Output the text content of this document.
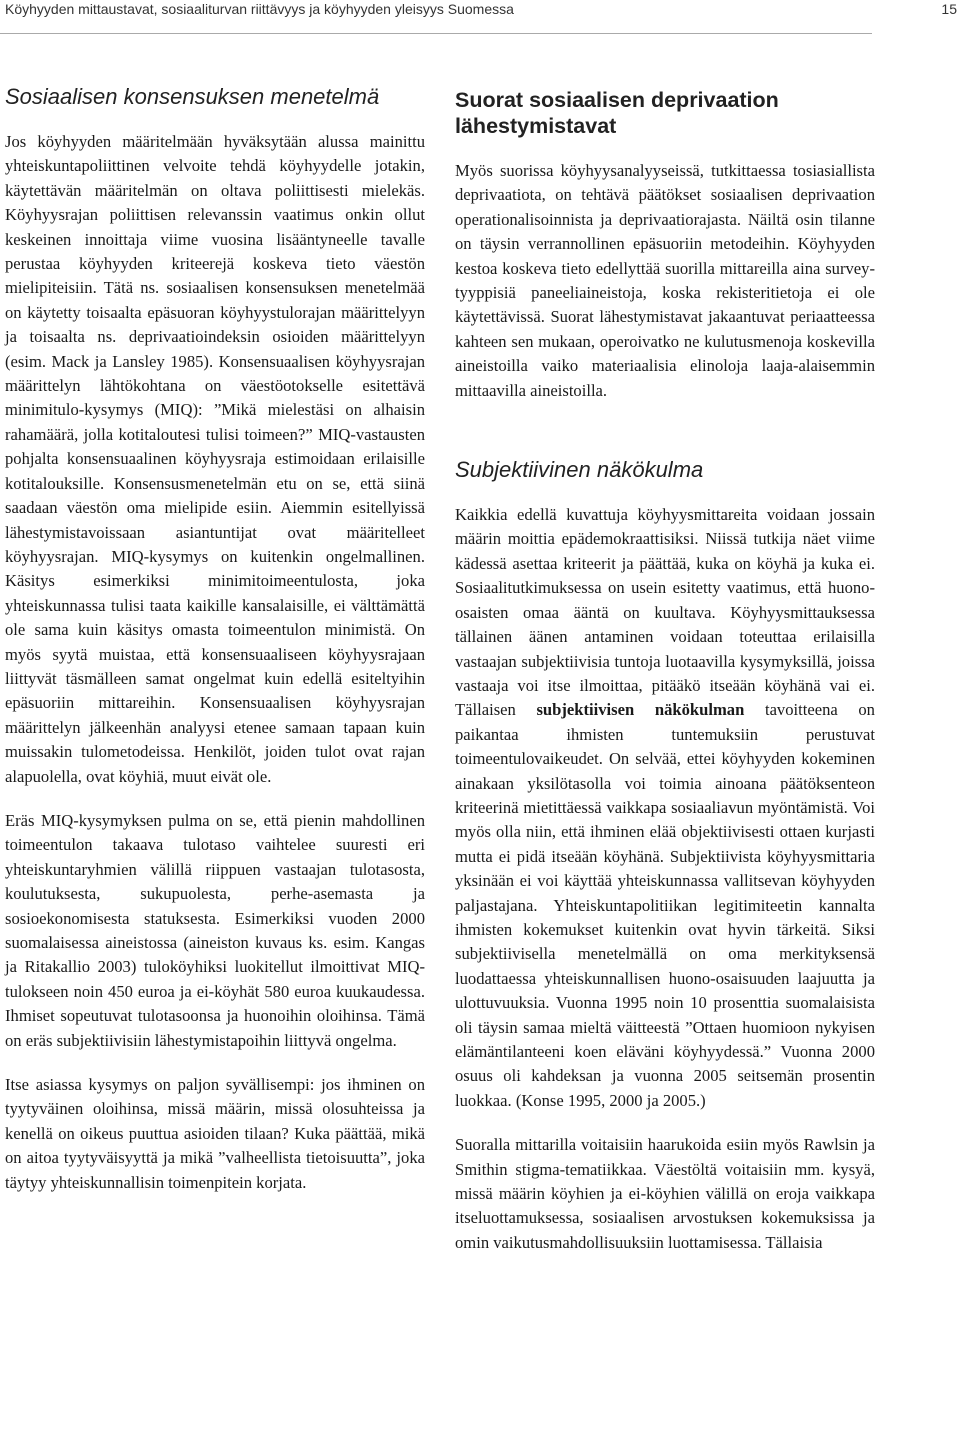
Köyhyyden mittaustavat, sosiaaliturvan riittävyys ja köyhyyden yleisyys Suomessa	15
Sosiaalisen konsensuksen menetelmä

Jos köyhyyden määritelmään hyväksytään alussa mainittu yhteiskuntapoliittinen velvoite tehdä köyhyydelle jotakin, käytettävän määritelmän on oltava poliittisesti mielekäs. Köyhyysrajan poliittisen relevanssin vaatimus onkin ollut keskeinen innoittaja viime vuosina lisääntyneelle tavalle perustaa köyhyyden kriteerejä koskeva tieto väestön mielipiteisiin. Tätä ns. sosiaalisen konsensuksen menetelmää on käytetty toisaalta epäsuoran köyhyystulorajan määrittelyyn ja toisaalta ns. deprivaatioindeksin osioiden määrittelyyn (esim. Mack ja Lansley 1985). Konsensuaalisen köyhyysrajan määrittelyn lähtökohtana on väestöotokselle esitettävä minimitulo-kysymys (MIQ): ”Mikä mielestäsi on alhaisin rahamäärä, jolla kotitaloutesi tulisi toimeen?” MIQ-vastausten pohjalta konsensuaalinen köyhyysraja estimoidaan erilaisille kotitalouksille. Konsensusmenetelmän etu on se, että siinä saadaan väestön oma mielipide esiin. Aiemmin esitellyissä lähestymistavoissaan asiantuntijat ovat määritelleet köyhyysrajan. MIQ-kysymys on kuitenkin ongelmallinen. Käsitys esimerkiksi minimitoimeentulosta, joka yhteiskunnassa tulisi taata kaikille kansalaisille, ei välttämättä ole sama kuin käsitys omasta toimeentulon minimistä. On myös syytä muistaa, että konsensuaaliseen köyhyysrajaan liittyvät täsmälleen samat ongelmat kuin edellä esiteltyihin epäsuoriin mittareihin. Konsensuaalisen köyhyysrajan määrittelyn jälkeenhän analyysi etenee samaan tapaan kuin muissakin tulometodeissa. Henkilöt, joiden tulot ovat rajan alapuolella, ovat köyhiä, muut eivät ole.

Eräs MIQ-kysymyksen pulma on se, että pienin mahdollinen toimeentulon takaava tulotaso vaihtelee suuresti eri yhteiskuntaryhmien välillä riippuen vastaajan tulotasosta, koulutuksesta, sukupuolesta, perhe-asemasta ja sosioekonomisesta statuksesta. Esimerkiksi vuoden 2000 suomalaisessa aineistossa (aineiston kuvaus ks. esim. Kangas ja Ritakallio 2003) tuloköyhiksi luokitellut ilmoittivat MIQ-tulokseen noin 450 euroa ja ei-köyhät 580 euroa kuukaudessa. Ihmiset sopeutuvat tulotasoonsa ja huonoihin oloihinsa. Tämä on eräs subjektiivisiin lähestymistapoihin liittyvä ongelma.

Itse asiassa kysymys on paljon syvällisempi: jos ihminen on tyytyväinen oloihinsa, missä määrin, missä olosuhteissa ja kenellä on oikeus puuttua asioiden tilaan? Kuka päättää, mikä on aitoa tyytyväisyyttä ja mikä ”valheellista tietoisuutta”, joka täytyy yhteiskunnallisin toimenpitein korjata.

Suorat sosiaalisen deprivaation lähestymistavat

Myös suorissa köyhyysanalyyseissä, tutkittaessa tosiasiallista deprivaatiota, on tehtävä päätökset sosiaalisen deprivaation operationalisoinnista ja deprivaatiorajasta. Näiltä osin tilanne on täysin verrannollinen epäsuoriin metodeihin. Köyhyyden kestoa koskeva tieto edellyttää suorilla mittareilla aina survey-tyyppisiä paneeliaineistoja, koska rekisteritietoja ei ole käytettävissä. Suorat lähestymistavat jakaantuvat periaatteessa kahteen sen mukaan, operoivatko ne kulutusmenoja koskevilla aineistoilla vaiko materiaalisia elinoloja laaja-alaisemmin mittaavilla aineistoilla.

Subjektiivinen näkökulma

Kaikkia edellä kuvattuja köyhyysmittareita voidaan jossain määrin moittia epädemokraattisiksi. Niissä tutkija näet viime kädessä asettaa kriteerit ja päättää, kuka on köyhä ja kuka ei. Sosiaalitutkimuksessa on usein esitetty vaatimus, että huono-osaisten omaa ääntä on kuultava. Köyhyysmittauksessa tällainen äänen antaminen voidaan toteuttaa erilaisilla vastaajan subjektiivisia tuntoja luotaavilla kysymyksillä, joissa vastaaja voi itse ilmoittaa, pitääkö itseään köyhänä vai ei. Tällaisen subjektiivisen näkökulman tavoitteena on paikantaa ihmisten tuntemuksiin perustuvat toimeentulovaikeudet. On selvää, ettei köyhyyden kokeminen ainakaan yksilötasolla voi toimia ainoana päätöksenteon kriteerinä mietittäessä vaikkapa sosiaaliavun myöntämistä. Voi myös olla niin, että ihminen elää objektiivisesti ottaen kurjasti mutta ei pidä itseään köyhänä. Subjektiivista köyhyysmittaria yksinään ei voi käyttää yhteiskunnassa vallitsevan köyhyyden paljastajana. Yhteiskuntapolitiikan legitimiteetin kannalta ihmisten kokemukset kuitenkin ovat hyvin tärkeitä. Siksi subjektiivisella menetelmällä on oma merkityksensä luodattaessa yhteiskunnallisen huono-osaisuuden laajuutta ja ulottuvuuksia. Vuonna 1995 noin 10 prosenttia suomalaisista oli täysin samaa mieltä väitteestä ”Ottaen huomioon nykyisen elämäntilanteeni koen eläväni köyhyydessä.” Vuonna 2000 osuus oli kahdeksan ja vuonna 2005 seitsemän prosentin luokkaa. (Konse 1995, 2000 ja 2005.)

Suoralla mittarilla voitaisiin haarukoida esiin myös Rawlsin ja Smithin stigma-tematiikkaa. Väestöltä voitaisiin mm. kysyä, missä määrin köyhien ja ei-köyhien välillä on eroja vaikkapa itseluottamuksessa, sosiaalisen arvostuksen kokemuksissa ja omin vaikutusmahdollisuuksiin luottamisessa. Tällaisia
